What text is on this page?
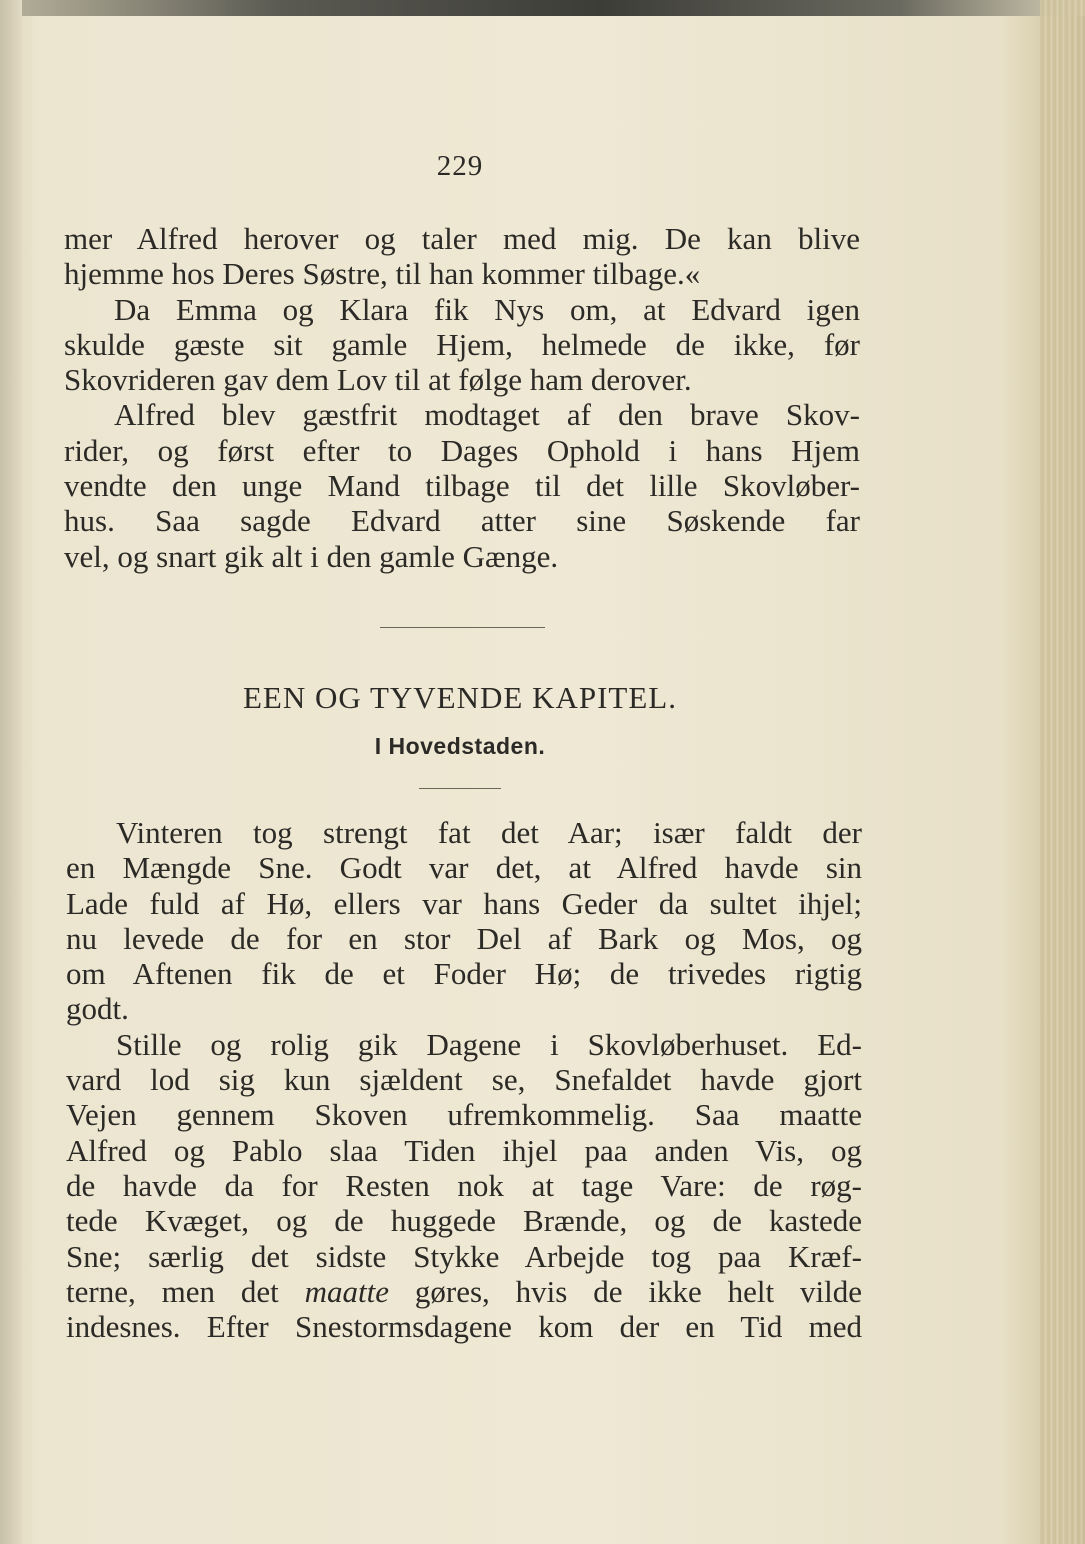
229
mer Alfred herover og taler med mig. De kan blive
hjemme hos Deres Søstre, til han kommer tilbage.«
Da Emma og Klara fik Nys om, at Edvard igen
skulde gæste sit gamle Hjem, helmede de ikke, før
Skovrideren gav dem Lov til at følge ham derover.
Alfred blev gæstfrit modtaget af den brave Skov-
rider, og først efter to Dages Ophold i hans Hjem
vendte den unge Mand tilbage til det lille Skovløber-
hus. Saa sagde Edvard atter sine Søskende far
vel, og snart gik alt i den gamle Gænge.
EEN OG TYVENDE KAPITEL.
I Hovedstaden.
Vinteren tog strengt fat det Aar; især faldt der
en Mængde Sne. Godt var det, at Alfred havde sin
Lade fuld af Hø, ellers var hans Geder da sultet ihjel;
nu levede de for en stor Del af Bark og Mos, og
om Aftenen fik de et Foder Hø; de trivedes rigtig
godt.
Stille og rolig gik Dagene i Skovløberhuset. Ed-
vard lod sig kun sjældent se, Snefaldet havde gjort
Vejen gennem Skoven ufremkommelig. Saa maatte
Alfred og Pablo slaa Tiden ihjel paa anden Vis, og
de havde da for Resten nok at tage Vare: de røg-
tede Kvæget, og de huggede Brænde, og de kastede
Sne; særlig det sidste Stykke Arbejde tog paa Kræf-
terne, men det maatte gøres, hvis de ikke helt vilde
indesnes. Efter Snestormsdagene kom der en Tid med
